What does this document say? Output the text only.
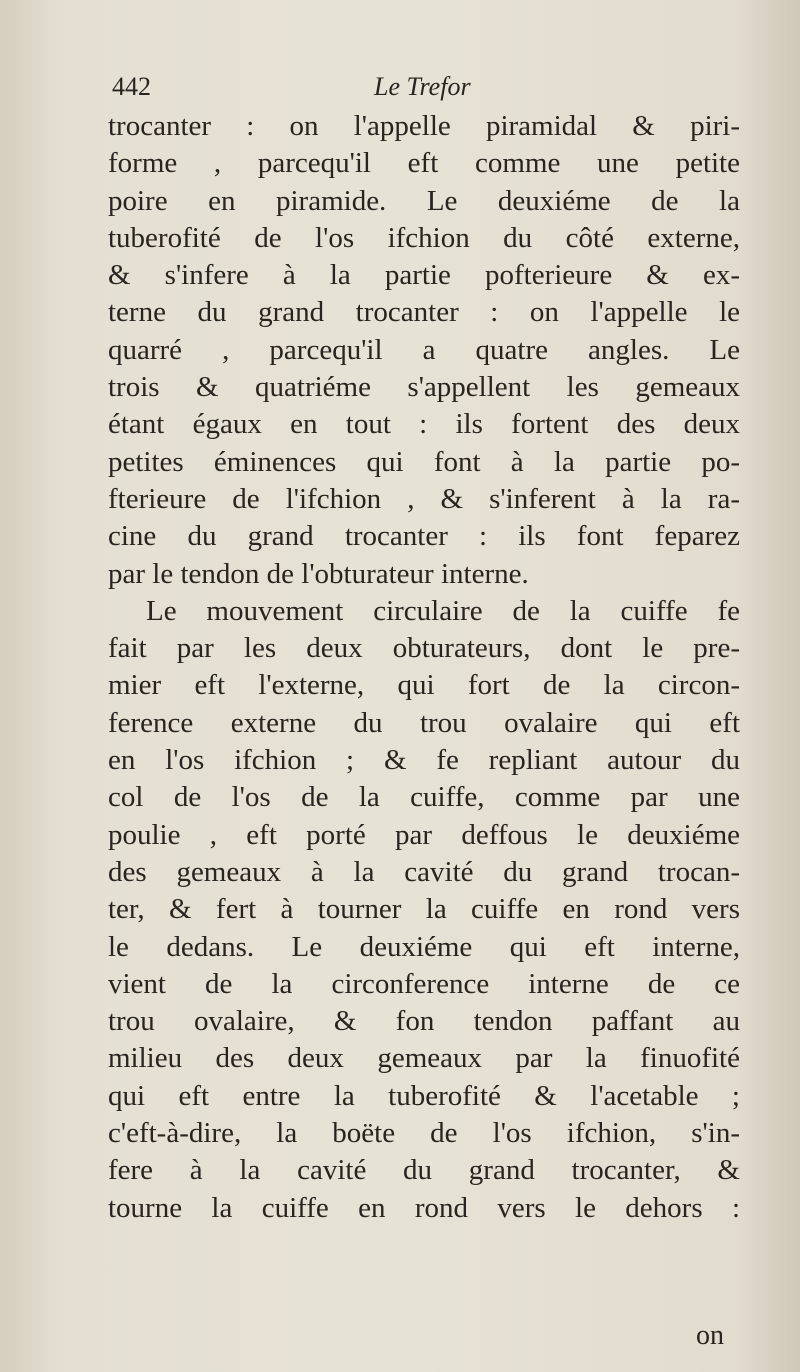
442	Le Trefor
trocanter : on l'appelle piramidal & piri-
forme , parcequ'il eft comme une petite
poire en piramide. Le deuxiéme de la
tuberofité de l'os ifchion du côté externe,
& s'infere à la partie pofterieure & ex-
terne du grand trocanter : on l'appelle le
quarré , parcequ'il a quatre angles. Le
trois & quatriéme s'appellent les gemeaux
étant égaux en tout : ils fortent des deux
petites éminences qui font à la partie po-
fterieure de l'ifchion , & s'inferent à la ra-
cine du grand trocanter : ils font feparez
par le tendon de l'obturateur interne.
Le mouvement circulaire de la cuiffe fe
fait par les deux obturateurs, dont le pre-
mier eft l'externe, qui fort de la circon-
ference externe du trou ovalaire qui eft
en l'os ifchion ; & fe repliant autour du
col de l'os de la cuiffe, comme par une
poulie , eft porté par deffous le deuxiéme
des gemeaux à la cavité du grand trocan-
ter, & fert à tourner la cuiffe en rond vers
le dedans. Le deuxiéme qui eft interne,
vient de la circonference interne de ce
trou ovalaire, & fon tendon paffant au
milieu des deux gemeaux par la finuofité
qui eft entre la tuberofité & l'acetable ;
c'eft-à-dire, la boëte de l'os ifchion, s'in-
fere à la cavité du grand trocanter, &
tourne la cuiffe en rond vers le dehors :
on
